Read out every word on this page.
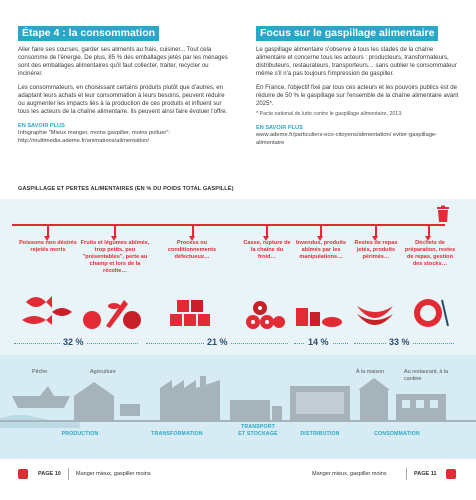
Étape 4 : la consommation

Aller faire ses courses, garder ses aliments au frais, cuisiner... Tout cela consomme de l'énergie. De plus, 85 % des emballages jetés par les ménages sont des emballages alimentaires qu'il faut collecter, traiter, recycler ou incinérer.

Les consommateurs, en choisissant certains produits plutôt que d'autres, en adaptant leurs achats et leur consommation à leurs besoins, peuvent réduire ou augmenter les impacts liés à la production de ces produits et influent sur tous les acteurs de la chaîne alimentaire. Ils peuvent ainsi faire évoluer l'offre.

EN SAVOIR PLUS
Infographie "Mieux manger, moins gaspiller, moins polluer": http://multimedia.ademe.fr/animations/alimentation/
Focus sur le gaspillage alimentaire

Le gaspillage alimentaire s'observe à tous les stades de la chaîne alimentaire et concerne tous les acteurs : producteurs, transformateurs, distributeurs, restaurateurs, transporteurs… sans oublier le consommateur même s'il n'a pas toujours l'impression de gaspiller.

En France, l'objectif fixé par tous ces acteurs et les pouvoirs publics est de réduire de 50 % le gaspillage sur l'ensemble de la chaîne alimentaire avant 2025*.

* Pacte national de lutte contre le gaspillage alimentaire, 2013.

EN SAVOIR PLUS
www.ademe.fr/particuliers-eco-citoyens/alimentation/ eviter-gaspillage-alimentaire
GASPILLAGE ET PERTES ALIMENTAIRES (EN % DU POIDS TOTAL GASPILLÉ)
Poissons non désirés rejetés morts
Fruits et légumes abîmés, trop petits, peu "présentables", perte au champ et lors de la récolte…
Process ou conditionnements défectueux…
Casse, rupture de la chaîne du froid…
Invendus, produits abîmés par les manipulations…
Restes de repas jetés, produits périmés…
Déchets de préparation, restes de repas, gestion des stocks…
32 %	21 %	14 %	33 %
Pêche	Agriculture	À la maison	Au restaurant, à la cantine
PRODUCTION	TRANSFORMATION
TRANSPORT ET STOCKAGE	DISTRIBUTION	CONSOMMATION
PAGE 10	Manger mieux, gaspiller moins	Manger mieux, gaspiller moins	PAGE 11
